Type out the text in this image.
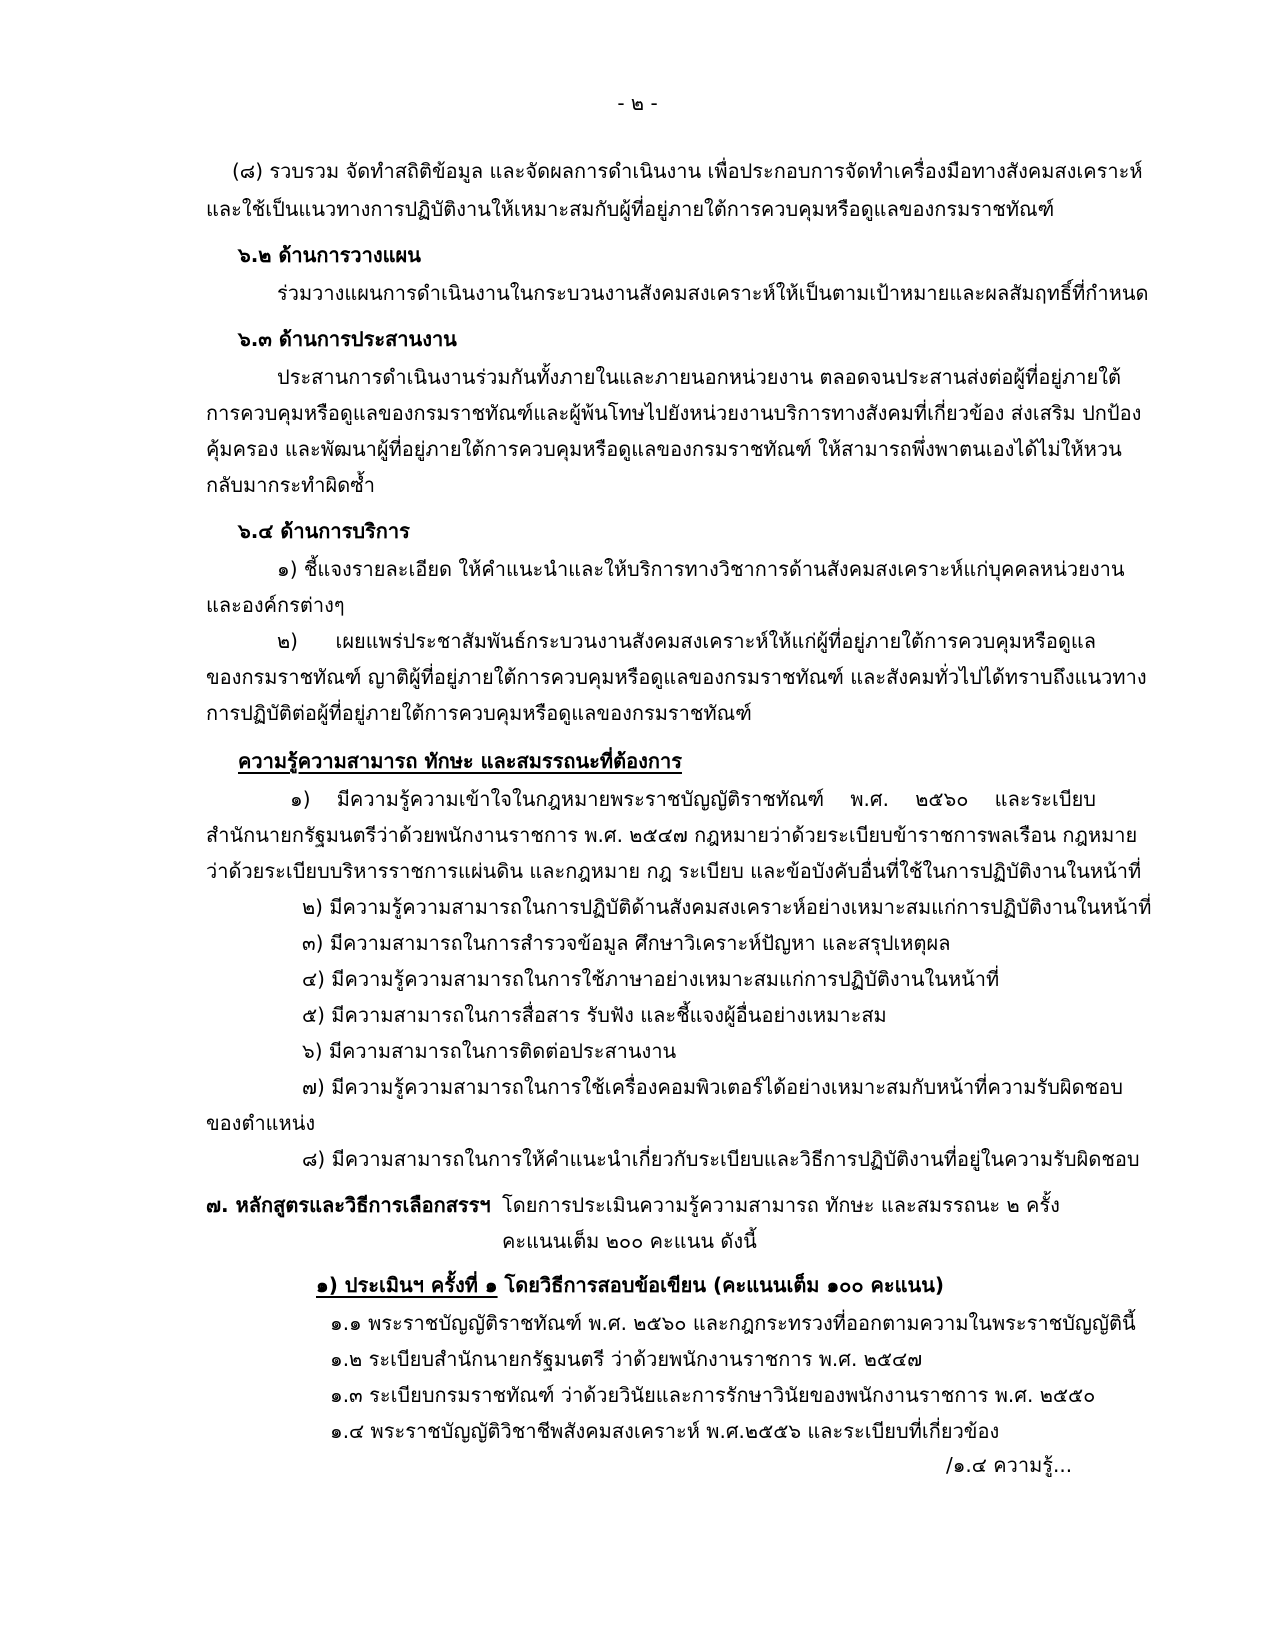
- ๒ -
(๘) รวบรวม จัดทำสถิติข้อมูล และจัดผลการดำเนินงาน เพื่อประกอบการจัดทำเครื่องมือทางสังคมสงเคราะห์
และใช้เป็นแนวทางการปฏิบัติงานให้เหมาะสมกับผู้ที่อยู่ภายใต้การควบคุมหรือดูแลของกรมราชทัณฑ์
๖.๒ ด้านการวางแผน
ร่วมวางแผนการดำเนินงานในกระบวนงานสังคมสงเคราะห์ให้เป็นตามเป้าหมายและผลสัมฤทธิ์ที่กำหนด
๖.๓ ด้านการประสานงาน
ประสานการดำเนินงานร่วมกันทั้งภายในและภายนอกหน่วยงาน ตลอดจนประสานส่งต่อผู้ที่อยู่ภายใต้
การควบคุมหรือดูแลของกรมราชทัณฑ์และผู้พ้นโทษไปยังหน่วยงานบริการทางสังคมที่เกี่ยวข้อง ส่งเสริม ปกป้อง
คุ้มครอง และพัฒนาผู้ที่อยู่ภายใต้การควบคุมหรือดูแลของกรมราชทัณฑ์ ให้สามารถพึ่งพาตนเองได้ไม่ให้หวน
กลับมากระทำผิดซ้ำ
๖.๔ ด้านการบริการ
๑) ชี้แจงรายละเอียด ให้คำแนะนำและให้บริการทางวิชาการด้านสังคมสงเคราะห์แก่บุคคลหน่วยงาน
และองค์กรต่างๆ
๒) เผยแพร่ประชาสัมพันธ์กระบวนงานสังคมสงเคราะห์ให้แก่ผู้ที่อยู่ภายใต้การควบคุมหรือดูแล
ของกรมราชทัณฑ์ ญาติผู้ที่อยู่ภายใต้การควบคุมหรือดูแลของกรมราชทัณฑ์ และสังคมทั่วไปได้ทราบถึงแนวทาง
การปฏิบัติต่อผู้ที่อยู่ภายใต้การควบคุมหรือดูแลของกรมราชทัณฑ์
ความรู้ความสามารถ ทักษะ และสมรรถนะที่ต้องการ
๑) มีความรู้ความเข้าใจในกฎหมายพระราชบัญญัติราชทัณฑ์ พ.ศ. ๒๕๖๐ และระเบียบ
สำนักนายกรัฐมนตรีว่าด้วยพนักงานราชการ พ.ศ. ๒๕๔๗ กฎหมายว่าด้วยระเบียบข้าราชการพลเรือน กฎหมาย
ว่าด้วยระเบียบบริหารราชการแผ่นดิน และกฎหมาย กฎ ระเบียบ และข้อบังคับอื่นที่ใช้ในการปฏิบัติงานในหน้าที่
๒) มีความรู้ความสามารถในการปฏิบัติด้านสังคมสงเคราะห์อย่างเหมาะสมแก่การปฏิบัติงานในหน้าที่
๓) มีความสามารถในการสำรวจข้อมูล ศึกษาวิเคราะห์ปัญหา และสรุปเหตุผล
๔) มีความรู้ความสามารถในการใช้ภาษาอย่างเหมาะสมแก่การปฏิบัติงานในหน้าที่
๕) มีความสามารถในการสื่อสาร รับฟัง และชี้แจงผู้อื่นอย่างเหมาะสม
๖) มีความสามารถในการติดต่อประสานงาน
๗) มีความรู้ความสามารถในการใช้เครื่องคอมพิวเตอร์ได้อย่างเหมาะสมกับหน้าที่ความรับผิดชอบ
ของตำแหน่ง
๘) มีความสามารถในการให้คำแนะนำเกี่ยวกับระเบียบและวิธีการปฏิบัติงานที่อยู่ในความรับผิดชอบ
๗. หลักสูตรและวิธีการเลือกสรรฯ โดยการประเมินความรู้ความสามารถ ทักษะ และสมรรถนะ ๒ ครั้ง
คะแนนเต็ม ๒๐๐ คะแนน ดังนี้
๑) ประเมินฯ ครั้งที่ ๑ โดยวิธีการสอบข้อเขียน (คะแนนเต็ม ๑๐๐ คะแนน)
๑.๑ พระราชบัญญัติราชทัณฑ์ พ.ศ. ๒๕๖๐ และกฎกระทรวงที่ออกตามความในพระราชบัญญัตินี้
๑.๒ ระเบียบสำนักนายกรัฐมนตรี ว่าด้วยพนักงานราชการ พ.ศ. ๒๕๔๗
๑.๓ ระเบียบกรมราชทัณฑ์ ว่าด้วยวินัยและการรักษาวินัยของพนักงานราชการ พ.ศ. ๒๕๕๐
๑.๔ พระราชบัญญัติวิชาชีพสังคมสงเคราะห์ พ.ศ.๒๕๕๖ และระเบียบที่เกี่ยวข้อง
/๑.๔ ความรู้...
